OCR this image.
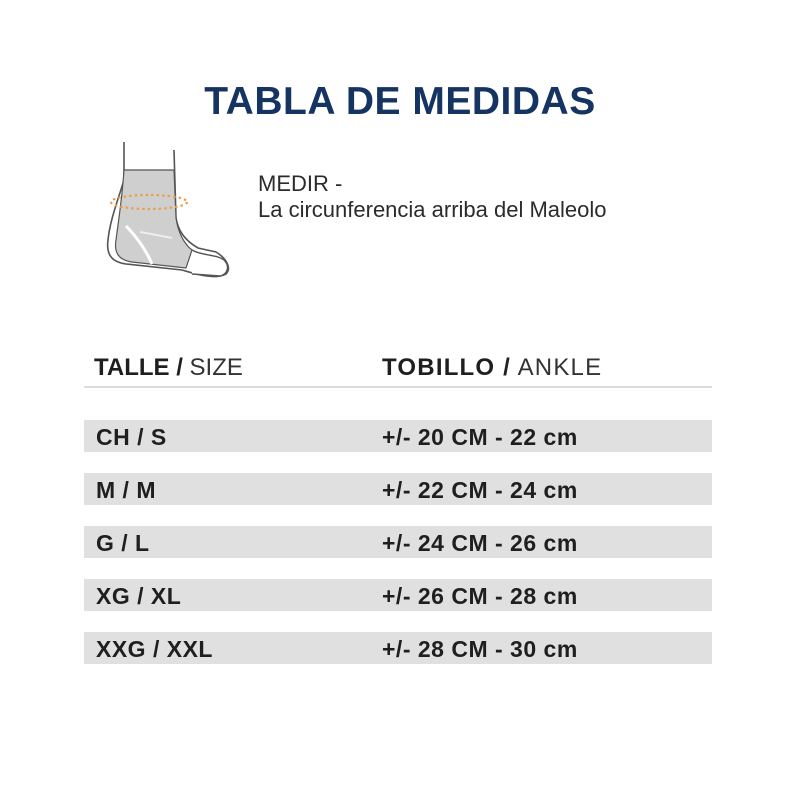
TABLA DE MEDIDAS
MEDIR -
La circunferencia arriba del Maleolo
TALLE / SIZE	TOBILLO / ANKLE
CH / S	+/- 20 CM - 22 cm
M / M	+/- 22 CM - 24 cm
G / L	+/- 24 CM - 26 cm
XG / XL	+/- 26 CM - 28 cm
XXG / XXL	+/- 28 CM - 30 cm
